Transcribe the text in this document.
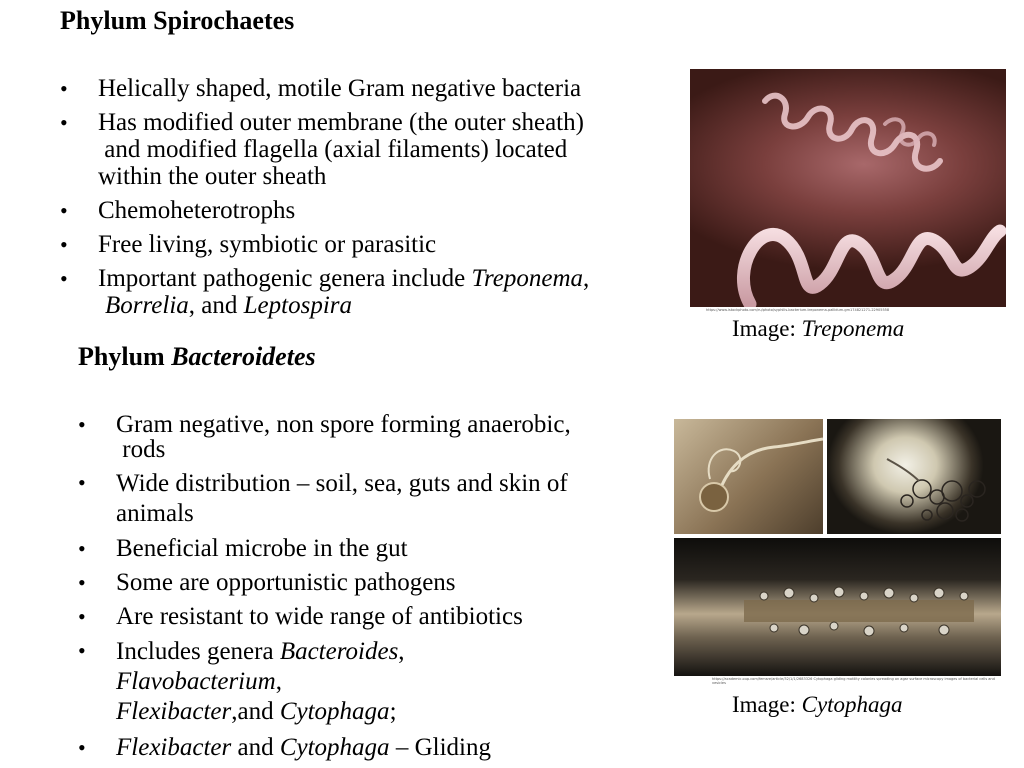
Phylum Spirochaetes
•	Helically shaped, motile Gram negative bacteria
•	Has modified outer membrane (the outer sheath)
and modified flagella (axial filaments) located
within the outer sheath
•	Chemoheterotrophs
•	Free living, symbiotic or parasitic
•	Important pathogenic genera include Treponema,
Borrelia, and Leptospira	https://www.istockphoto.com/ru/photo/syphilis-bacterium-treponema-pallidum-gm174821271-22905558
Image: Treponema
Phylum Bacteroidetes
•	Gram negative, non spore forming anaerobic,
rods
•	Wide distribution – soil, sea, guts and skin of
animals
•	Beneficial microbe in the gut
•	Some are opportunistic pathogens
•	Are resistant to wide range of antibiotics
•	Includes genera Bacteroides,
Flavobacterium,
Flexibacter,and Cytophaga;
•	Flexibacter and Cytophaga – Gliding
https://academic.oup.com/femsre/article/32/1/1/2683326 Cytophaga gliding motility colonies spreading on agar surface microscopy images of bacterial cells and vesicles
Image: Cytophaga
